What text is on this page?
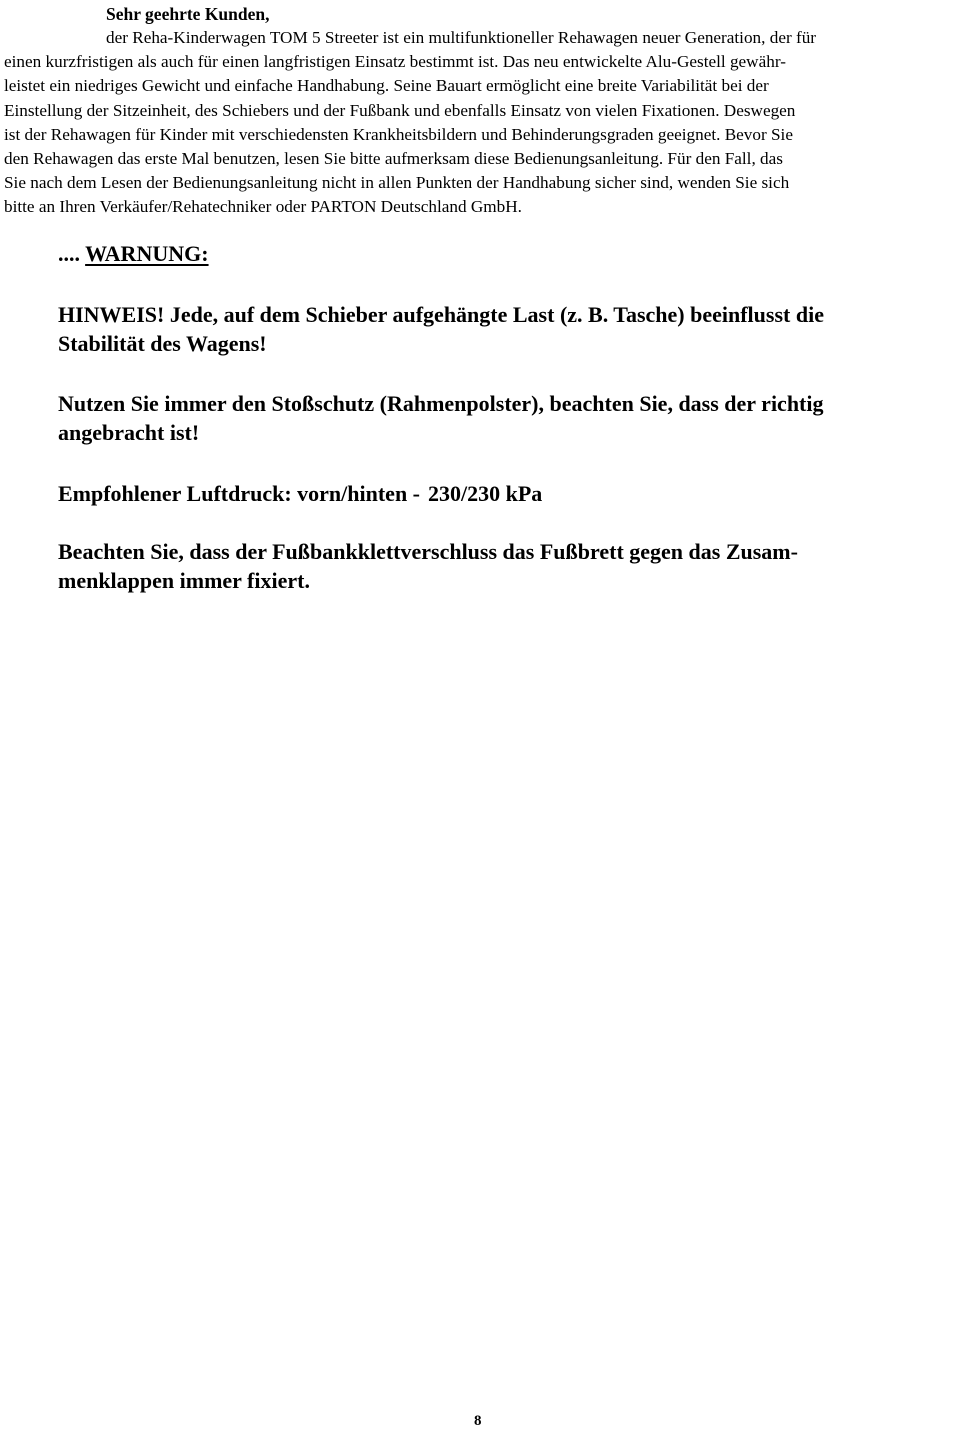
Sehr geehrte Kunden,

der Reha-Kinderwagen TOM 5 Streeter ist ein multifunktioneller Rehawagen neuer Generation, der für
einen kurzfristigen als auch für einen langfristigen Einsatz bestimmt ist. Das neu entwickelte Alu-Gestell gewähr-
leistet ein niedriges Gewicht und einfache Handhabung. Seine Bauart ermöglicht eine breite Variabilität bei der
Einstellung der Sitzeinheit, des Schiebers und der Fußbank und ebenfalls Einsatz von vielen Fixationen. Deswegen
ist der Rehawagen für Kinder mit verschiedensten Krankheitsbildern und Behinderungsgraden geeignet. Bevor Sie
den Rehawagen das erste Mal benutzen, lesen Sie bitte aufmerksam diese Bedienungsanleitung. Für den Fall, das
Sie nach dem Lesen der Bedienungsanleitung nicht in allen Punkten der Handhabung sicher sind, wenden Sie sich
bitte an Ihren Verkäufer/Rehatechniker oder PARTON Deutschland GmbH.

.... WARNUNG:

HINWEIS! Jede, auf dem Schieber aufgehängte Last (z. B. Tasche) beeinflusst die
Stabilität des Wagens!

Nutzen Sie immer den Stoßschutz (Rahmenpolster), beachten Sie, dass der richtig
angebracht ist!

Empfohlener Luftdruck: vorn/hinten - 230/230 kPa

Beachten Sie, dass der Fußbankklettverschluss das Fußbrett gegen das Zusam-
menklappen immer fixiert.

8
